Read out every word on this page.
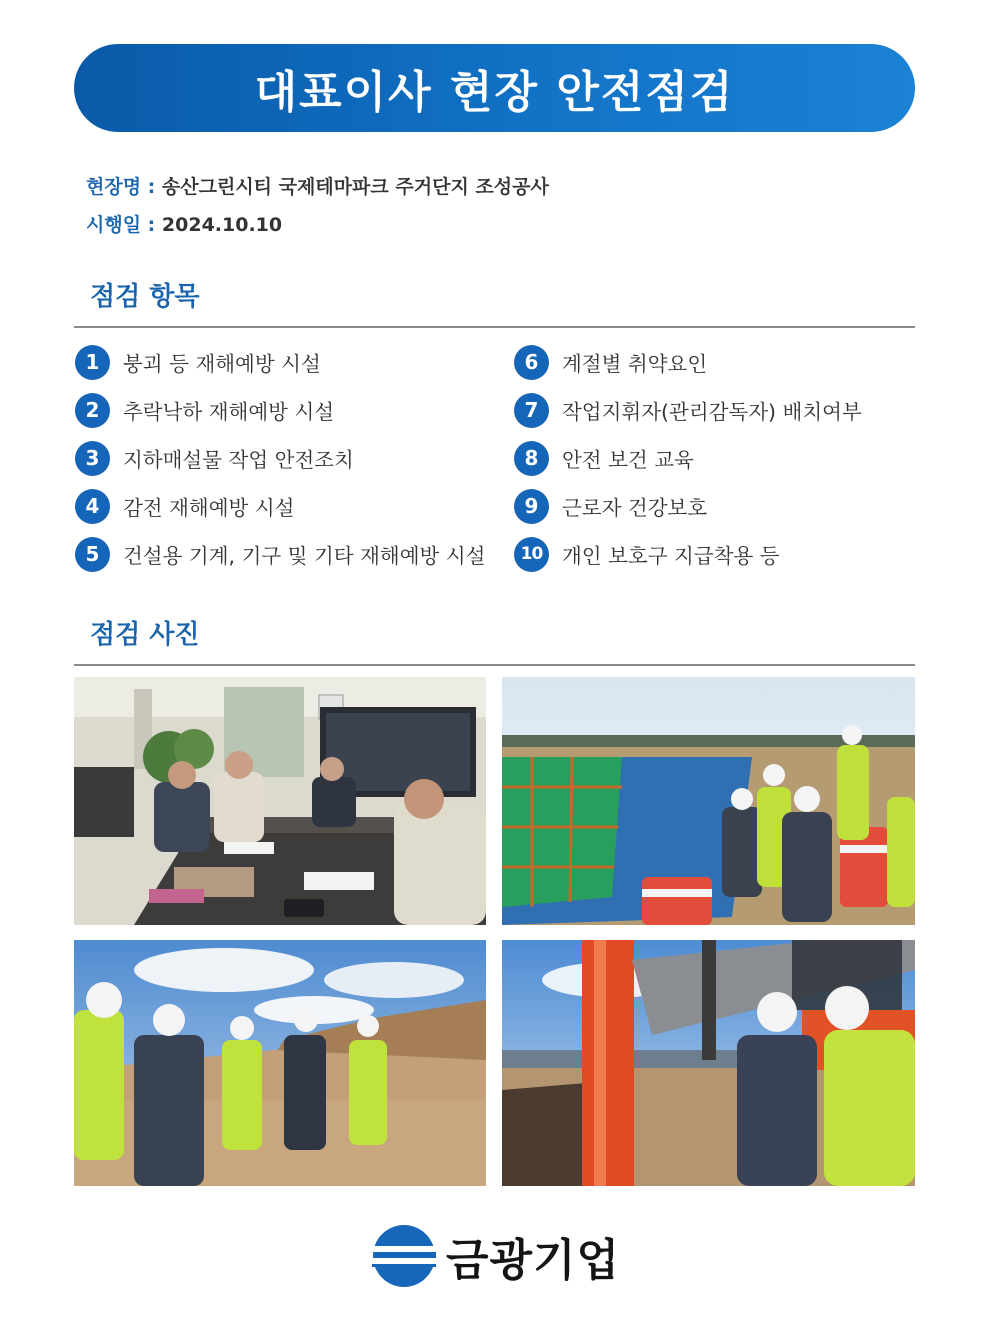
대표이사 현장 안전점검
현장명 : 송산그린시티 국제테마파크 주거단지 조성공사
시행일 : 2024.10.10
점검 항목
1	붕괴 등 재해예방 시설
2	추락낙하 재해예방 시설
3	지하매설물 작업 안전조치
4	감전 재해예방 시설
5	건설용 기계, 기구 및 기타 재해예방 시설
6	계절별 취약요인
7	작업지휘자(관리감독자) 배치여부
8	안전 보건 교육
9	근로자 건강보호
10 개인 보호구 지급착용 등
점검 사진
금광기업
